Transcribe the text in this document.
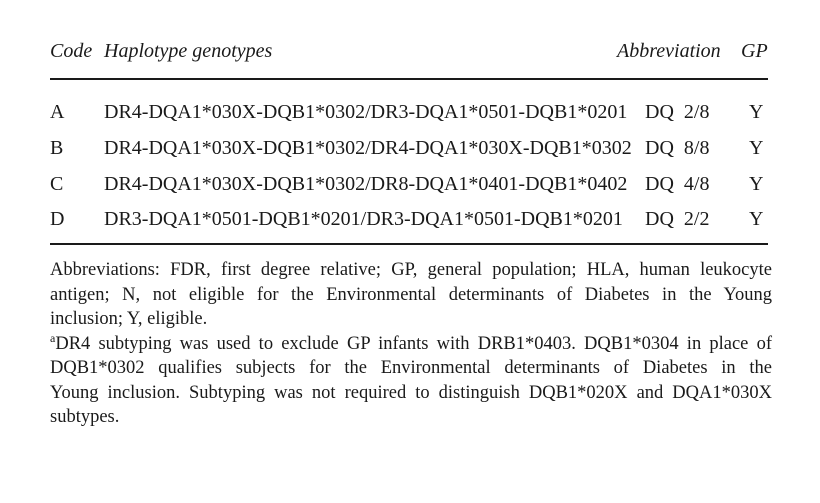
Code Haplotype genotypes	Abbreviation GP
A DR4-DQA1*030X-DQB1*0302/DR3-DQA1*0501-DQB1*0201 DQ  2/8 Y
B DR4-DQA1*030X-DQB1*0302/DR4-DQA1*030X-DQB1*0302 DQ  8/8 Y
C DR4-DQA1*030X-DQB1*0302/DR8-DQA1*0401-DQB1*0402 DQ  4/8 Y
D DR3-DQA1*0501-DQB1*0201/DR3-DQA1*0501-DQB1*0201 DQ  2/2 Y
Abbreviations: FDR, first degree relative; GP, general population; HLA, human leukocyte
antigen; N, not eligible for the Environmental determinants of Diabetes in the Young
inclusion; Y, eligible.
$^a$DR4 subtyping was used to exclude GP infants with DRB1*0403. DQB1*0304 in place of
DQB1*0302 qualifies subjects for the Environmental determinants of Diabetes in the
Young inclusion. Subtyping was not required to distinguish DQB1*020X and DQA1*030X
subtypes.
